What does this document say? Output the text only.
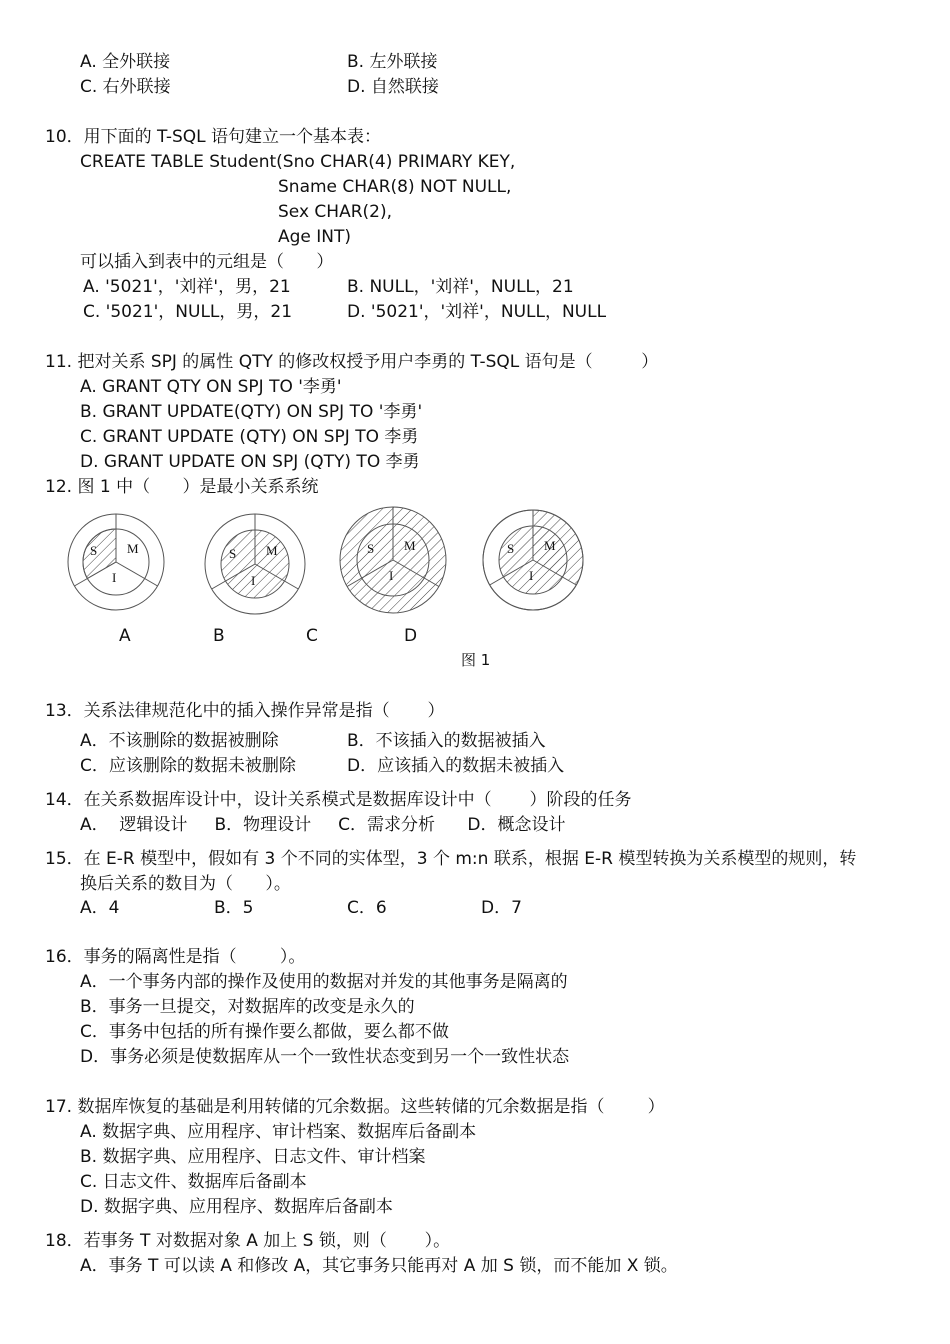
A. 全外联接	B. 左外联接
C. 右外联接	D. 自然联接
10．用下面的 T-SQL 语句建立一个基本表：
CREATE TABLE Student(Sno CHAR(4) PRIMARY KEY,
Sname CHAR(8) NOT NULL,
Sex CHAR(2),
Age INT)
可以插入到表中的元组是（      ）
A. '5021'，'刘祥'，男，21	B. NULL，'刘祥'，NULL，21
C. '5021'，NULL，男，21	D. '5021'，'刘祥'，NULL，NULL
11. 把对关系 SPJ 的属性 QTY 的修改权授予用户李勇的 T-SQL 语句是（         ）
A. GRANT QTY ON SPJ TO '李勇'
B. GRANT UPDATE(QTY) ON SPJ TO '李勇'
C. GRANT UPDATE (QTY) ON SPJ TO 李勇
D. GRANT UPDATE ON SPJ (QTY) TO 李勇
12. 图 1 中（      ）是最小关系系统
S M
I
S M
I
S M
I
S M
I
A	B	C	D
图 1
13．关系法律规范化中的插入操作异常是指（       ）
A．不该删除的数据被删除	B．不该插入的数据被插入
C．应该删除的数据未被删除	D．应该插入的数据未被插入
14．在关系数据库设计中，设计关系模式是数据库设计中（       ）阶段的任务
A．  逻辑设计     B．物理设计     C．需求分析      D．概念设计
15．在 E-R 模型中，假如有 3 个不同的实体型，3 个 m:n 联系，根据 E-R 模型转换为关系模型的规则，转
换后关系的数目为（      ）。
A．4	B．5	C．6	D．7
16．事务的隔离性是指（        ）。
A．一个事务内部的操作及使用的数据对并发的其他事务是隔离的
B．事务一旦提交，对数据库的改变是永久的
C．事务中包括的所有操作要么都做，要么都不做
D．事务必须是使数据库从一个一致性状态变到另一个一致性状态
17. 数据库恢复的基础是利用转储的冗余数据。这些转储的冗余数据是指（        ）
A. 数据字典、应用程序、审计档案、数据库后备副本
B. 数据字典、应用程序、日志文件、审计档案
C. 日志文件、数据库后备副本
D. 数据字典、应用程序、数据库后备副本
18．若事务 T 对数据对象 A 加上 S 锁，则（       ）。
A．事务 T 可以读 A 和修改 A，其它事务只能再对 A 加 S 锁，而不能加 X 锁。
